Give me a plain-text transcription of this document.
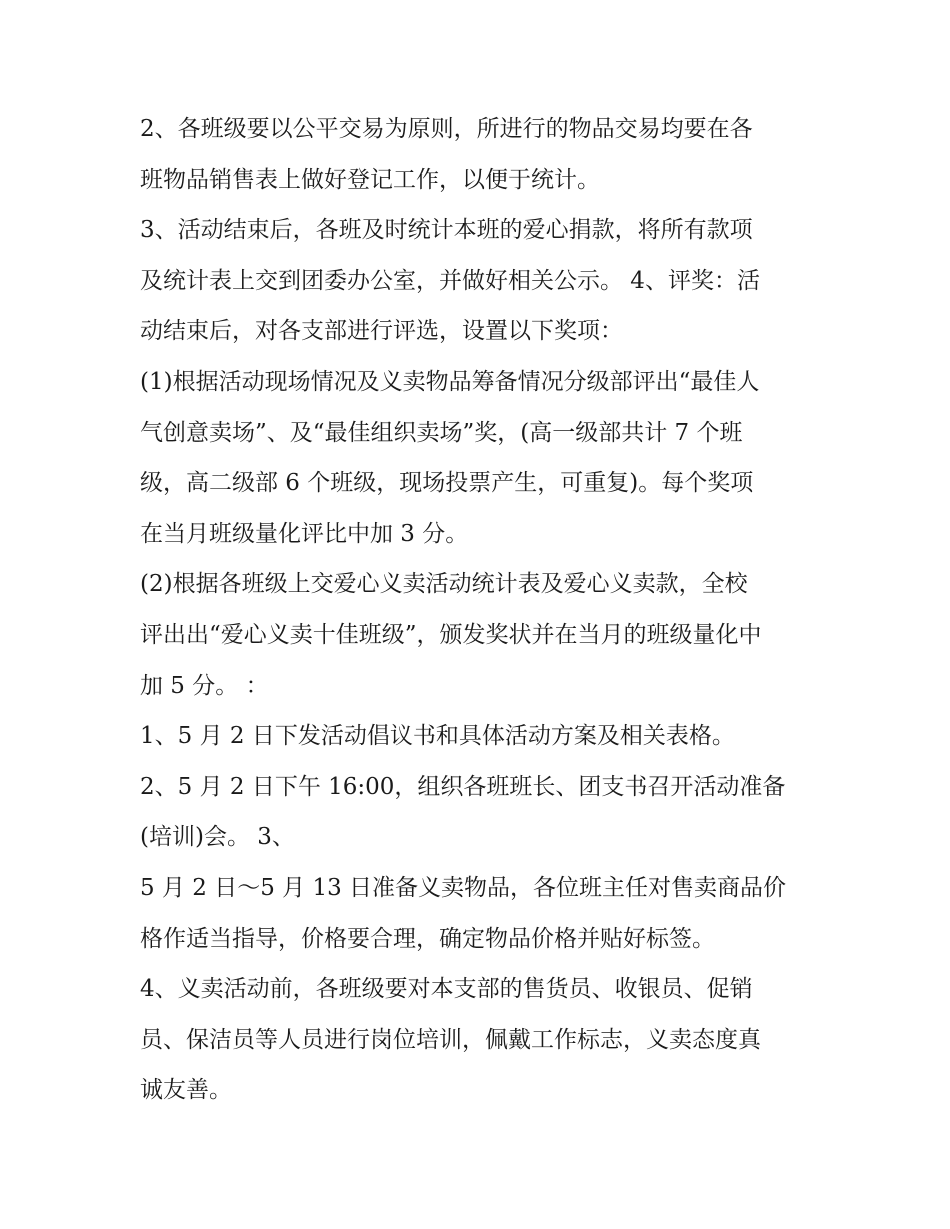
2、各班级要以公平交易为原则，所进行的物品交易均要在各
班物品销售表上做好登记工作，以便于统计。

3、活动结束后，各班及时统计本班的爱心捐款，将所有款项
及统计表上交到团委办公室，并做好相关公示。 4、评奖：活
动结束后，对各支部进行评选，设置以下奖项：

(1)根据活动现场情况及义卖物品筹备情况分级部评出“最佳人
气创意卖场”、及“最佳组织卖场”奖，(高一级部共计 7 个班
级，高二级部 6 个班级，现场投票产生，可重复)。每个奖项
在当月班级量化评比中加 3 分。

(2)根据各班级上交爱心义卖活动统计表及爱心义卖款，全校
评出出“爱心义卖十佳班级”，颁发奖状并在当月的班级量化中
加 5 分。 ：

1、5 月 2 日下发活动倡议书和具体活动方案及相关表格。

2、5 月 2 日下午 16:00，组织各班班长、团支书召开活动准备
(培训)会。 3、

5 月 2 日～5 月 13 日准备义卖物品，各位班主任对售卖商品价
格作适当指导，价格要合理，确定物品价格并贴好标签。

4、义卖活动前，各班级要对本支部的售货员、收银员、促销
员、保洁员等人员进行岗位培训，佩戴工作标志，义卖态度真
诚友善。
